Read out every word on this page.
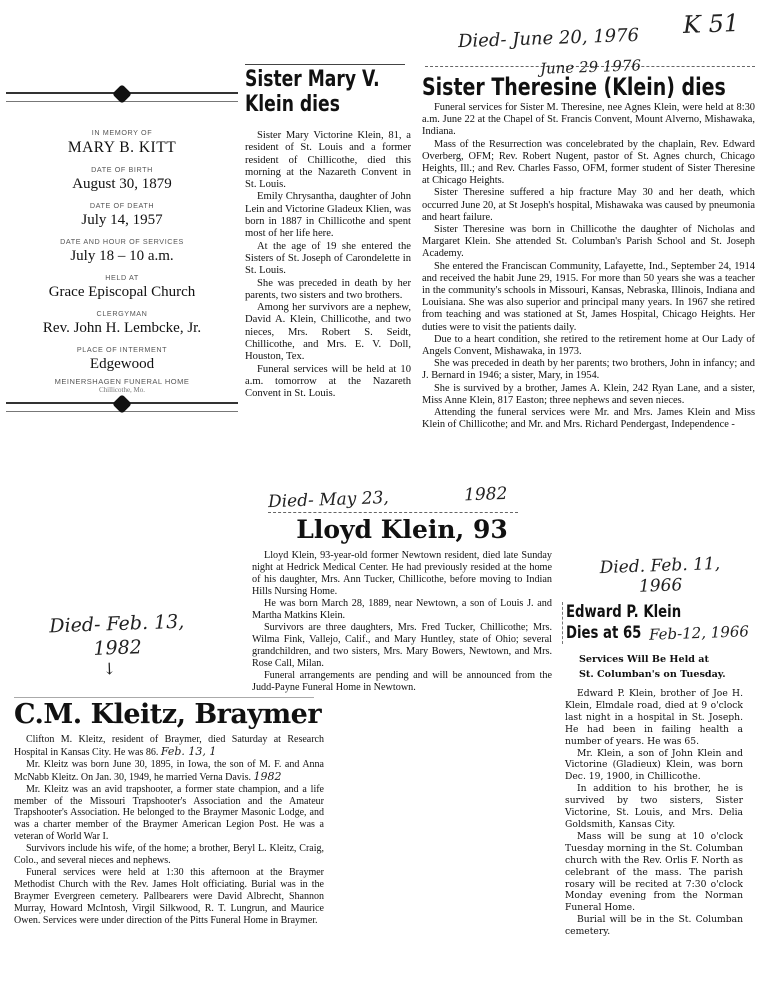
K 51
Died- June 20, 1976
June 29 1976
IN MEMORY OF
MARY B. KITT
DATE OF BIRTH
August 30, 1879
DATE OF DEATH
July 14, 1957
DATE AND HOUR OF SERVICES
July 18 – 10 a.m.
HELD AT
Grace Episcopal Church
CLERGYMAN
Rev. John H. Lembcke, Jr.
PLACE OF INTERMENT
Edgewood
MEINERSHAGEN FUNERAL HOME
Chillicothe, Mo.
Sister Mary V.
Klein dies

Sister Mary Victorine Klein, 81, a resident of St. Louis and a former resident of Chillicothe, died this morning at the Nazareth Convent in St. Louis.

Emily Chrysantha, daughter of John Lein and Victorine Gladeux Klien, was born in 1887 in Chillicothe and spent most of her life here.

At the age of 19 she entered the Sisters of St. Joseph of Carondelette in St. Louis.

She was preceded in death by her parents, two sisters and two brothers.

Among her survivors are a nephew, David A. Klein, Chillicothe, and two nieces, Mrs. Robert S. Seidt, Chillicothe, and Mrs. E. V. Doll, Houston, Tex.

Funeral services will be held at 10 a.m. tomorrow at the Nazareth Convent in St. Louis.

Sister Theresine (Klein) dies

Funeral services for Sister M. Theresine, nee Agnes Klein, were held at 8:30 a.m. June 22 at the Chapel of St. Francis Convent, Mount Alverno, Mishawaka, Indiana.

Mass of the Resurrection was concelebrated by the chaplain, Rev. Edward Overberg, OFM; Rev. Robert Nugent, pastor of St. Agnes church, Chicago Heights, Ill.; and Rev. Charles Fasso, OFM, former student of Sister Theresine at Chicago Heights.

Sister Theresine suffered a hip fracture May 30 and her death, which occurred June 20, at St Joseph's hospital, Mishawaka was caused by pneumonia and heart failure.

Sister Theresine was born in Chillicothe the daughter of Nicholas and Margaret Klein. She attended St. Columban's Parish School and St. Joseph Academy.

She entered the Franciscan Community, Lafayette, Ind., September 24, 1914 and received the habit June 29, 1915. For more than 50 years she was a teacher in the community's schools in Missouri, Kansas, Nebraska, Illinois, Indiana and Louisiana. She was also superior and principal many years. In 1967 she retired from teaching and was stationed at St, James Hospital, Chicago Heights. Her duties were to visit the patients daily.

Due to a heart condition, she retired to the retirement home at Our Lady of Angels Convent, Mishawaka, in 1973.

She was preceded in death by her parents; two brothers, John in infancy; and J. Bernard in 1946; a sister, Mary, in 1954.

She is survived by a brother, James A. Klein, 242 Ryan Lane, and a sister, Miss Anne Klein, 817 Easton; three nephews and seven nieces.

Attending the funeral services were Mr. and Mrs. James Klein and Miss Klein of Chillicothe; and Mr. and Mrs. Richard Pendergast, Independence -

Died- May 23,	1982
Lloyd Klein, 93

Lloyd Klein, 93-year-old former Newtown resident, died late Sunday night at Hedrick Medical Center. He had previously resided at the home of his daughter, Mrs. Ann Tucker, Chillicothe, before moving to Indian Hills Nursing Home.

He was born March 28, 1889, near Newtown, a son of Louis J. and Martha Matkins Klein.

Survivors are three daughters, Mrs. Fred Tucker, Chillicothe; Mrs. Wilma Fink, Vallejo, Calif., and Mary Huntley, state of Ohio; several grandchildren, and two sisters, Mrs. Mary Bowers, Newtown, and Mrs. Rose Call, Milan.

Funeral arrangements are pending and will be announced from the Judd-Payne Funeral Home in Newtown.

Died- Feb. 13,
1982
↓
C.M. Kleitz, Braymer

Clifton M. Kleitz, resident of Braymer, died Saturday at Research Hospital in Kansas City. He was 86. Feb. 13, 1

Mr. Kleitz was born June 30, 1895, in Iowa, the son of M. F. and Anna McNabb Kleitz. On Jan. 30, 1949, he married Verna Davis. 1982

Mr. Kleitz was an avid trapshooter, a former state champion, and a life member of the Missouri Trapshooter's Association and the Amateur Trapshooter's Association. He belonged to the Braymer Masonic Lodge, and was a charter member of the Braymer American Legion Post. He was a veteran of World War I.

Survivors include his wife, of the home; a brother, Beryl L. Kleitz, Craig, Colo., and several nieces and nephews.

Funeral services were held at 1:30 this afternoon at the Braymer Methodist Church with the Rev. James Holt officiating. Burial was in the Braymer Evergreen cemetery. Pallbearers were David Albrecht, Shannon Murray, Howard McIntosh, Virgil Silkwood, R. T. Lungrun, and Maurice Owen. Services were under direction of the Pitts Funeral Home in Braymer.

Died. Feb. 11,
1966
Edward P. Klein
Dies at 65 Feb-12, 1966
Services Will Be Held at
St. Columban's on Tuesday.

Edward P. Klein, brother of Joe H. Klein, Elmdale road, died at 9 o'clock last night in a hospital in St. Joseph. He had been in failing health a number of years. He was 65.

Mr. Klein, a son of John Klein and Victorine (Gladieux) Klein, was born Dec. 19, 1900, in Chillicothe.

In addition to his brother, he is survived by two sisters, Sister Victorine, St. Louis, and Mrs. Delia Goldsmith, Kansas City.

Mass will be sung at 10 o'clock Tuesday morning in the St. Columban church with the Rev. Orlis F. North as celebrant of the mass. The parish rosary will be recited at 7:30 o'clock Monday evening from the Norman Funeral Home.

Burial will be in the St. Columban cemetery.
